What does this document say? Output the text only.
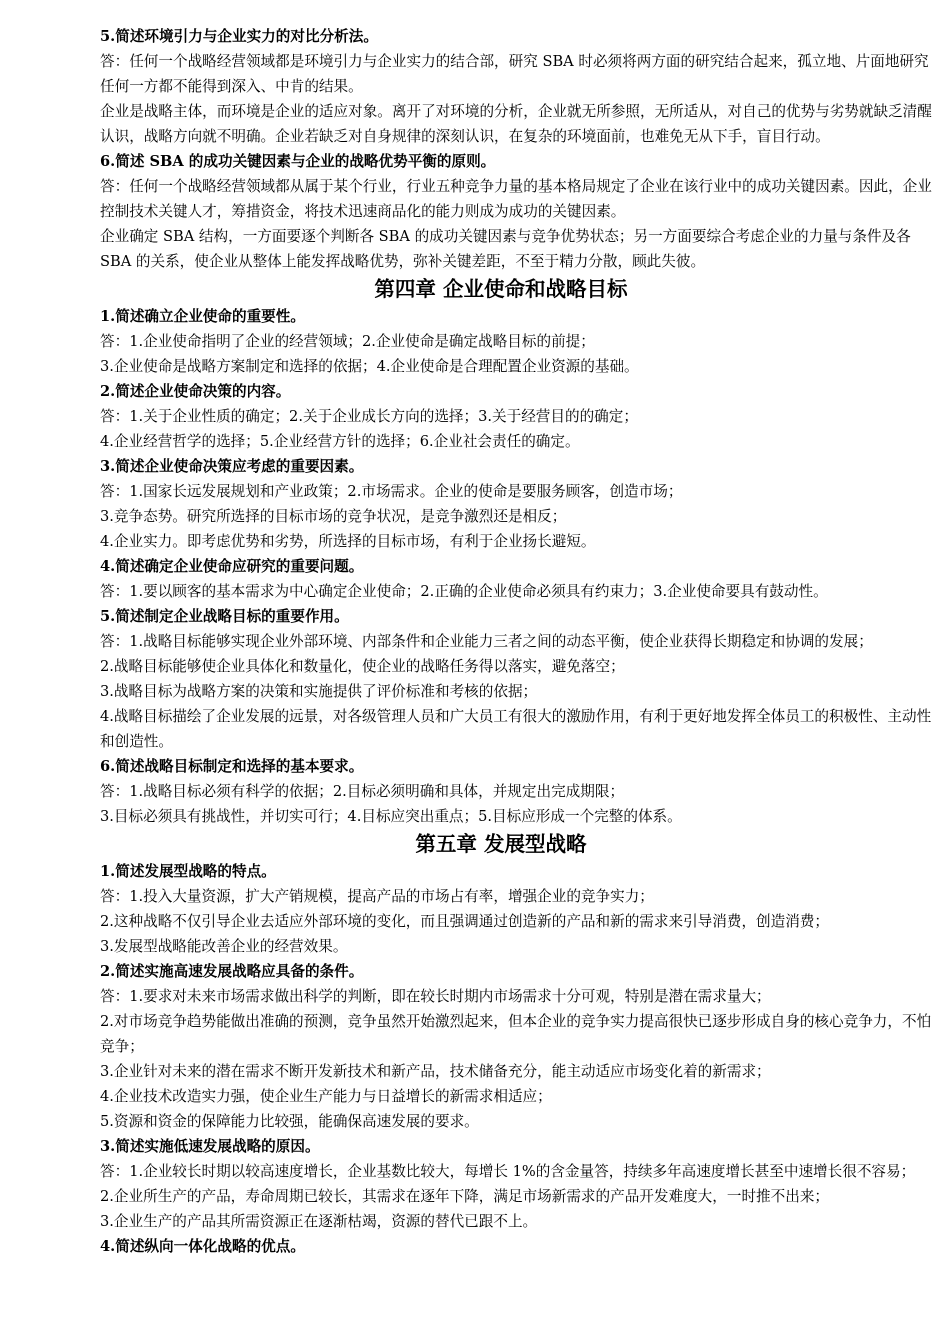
5.简述环境引力与企业实力的对比分析法。
答：任何一个战略经营领域都是环境引力与企业实力的结合部，研究 SBA 时必须将两方面的研究结合起来，孤立地、片面地研究任何一方都不能得到深入、中肯的结果。
企业是战略主体，而环境是企业的适应对象。离开了对环境的分析，企业就无所参照，无所适从，对自己的优势与劣势就缺乏清醒认识，战略方向就不明确。企业若缺乏对自身规律的深刻认识，在复杂的环境面前，也难免无从下手，盲目行动。
6.简述 SBA 的成功关键因素与企业的战略优势平衡的原则。
答：任何一个战略经营领域都从属于某个行业，行业五种竞争力量的基本格局规定了企业在该行业中的成功关键因素。因此，企业控制技术关键人才，筹措资金，将技术迅速商品化的能力则成为成功的关键因素。
企业确定 SBA 结构，一方面要逐个判断各 SBA 的成功关键因素与竞争优势状态；另一方面要综合考虑企业的力量与条件及各 SBA 的关系，使企业从整体上能发挥战略优势，弥补关键差距，不至于精力分散，顾此失彼。
第四章 企业使命和战略目标
1.简述确立企业使命的重要性。
答：1.企业使命指明了企业的经营领域；2.企业使命是确定战略目标的前提；
3.企业使命是战略方案制定和选择的依据；4.企业使命是合理配置企业资源的基础。
2.简述企业使命决策的内容。
答：1.关于企业性质的确定；2.关于企业成长方向的选择；3.关于经营目的的确定；
4.企业经营哲学的选择；5.企业经营方针的选择；6.企业社会责任的确定。
3.简述企业使命决策应考虑的重要因素。
答：1.国家长远发展规划和产业政策；2.市场需求。企业的使命是要服务顾客，创造市场；
3.竞争态势。研究所选择的目标市场的竞争状况，是竞争激烈还是相反；
4.企业实力。即考虑优势和劣势，所选择的目标市场，有利于企业扬长避短。
4.简述确定企业使命应研究的重要问题。
答：1.要以顾客的基本需求为中心确定企业使命；2.正确的企业使命必须具有约束力；3.企业使命要具有鼓动性。
5.简述制定企业战略目标的重要作用。
答：1.战略目标能够实现企业外部环境、内部条件和企业能力三者之间的动态平衡，使企业获得长期稳定和协调的发展；
2.战略目标能够使企业具体化和数量化，使企业的战略任务得以落实，避免落空；
3.战略目标为战略方案的决策和实施提供了评价标准和考核的依据；
4.战略目标描绘了企业发展的远景，对各级管理人员和广大员工有很大的激励作用，有利于更好地发挥全体员工的积极性、主动性和创造性。
6.简述战略目标制定和选择的基本要求。
答：1.战略目标必须有科学的依据；2.目标必须明确和具体，并规定出完成期限；
3.目标必须具有挑战性，并切实可行；4.目标应突出重点；5.目标应形成一个完整的体系。
第五章 发展型战略
1.简述发展型战略的特点。
答：1.投入大量资源，扩大产销规模，提高产品的市场占有率，增强企业的竞争实力；
2.这种战略不仅引导企业去适应外部环境的变化，而且强调通过创造新的产品和新的需求来引导消费，创造消费；
3.发展型战略能改善企业的经营效果。
2.简述实施高速发展战略应具备的条件。
答：1.要求对未来市场需求做出科学的判断，即在较长时期内市场需求十分可观，特别是潜在需求量大；
2.对市场竞争趋势能做出准确的预测，竞争虽然开始激烈起来，但本企业的竞争实力提高很快已逐步形成自身的核心竞争力，不怕竞争；
3.企业针对未来的潜在需求不断开发新技术和新产品，技术储备充分，能主动适应市场变化着的新需求；
4.企业技术改造实力强，使企业生产能力与日益增长的新需求相适应；
5.资源和资金的保障能力比较强，能确保高速发展的要求。
3.简述实施低速发展战略的原因。
答：1.企业较长时期以较高速度增长，企业基数比较大，每增长 1%的含金量答，持续多年高速度增长甚至中速增长很不容易；
2.企业所生产的产品，寿命周期已较长，其需求在逐年下降，满足市场新需求的产品开发难度大，一时推不出来；
3.企业生产的产品其所需资源正在逐渐枯竭，资源的替代已跟不上。
4.简述纵向一体化战略的优点。
